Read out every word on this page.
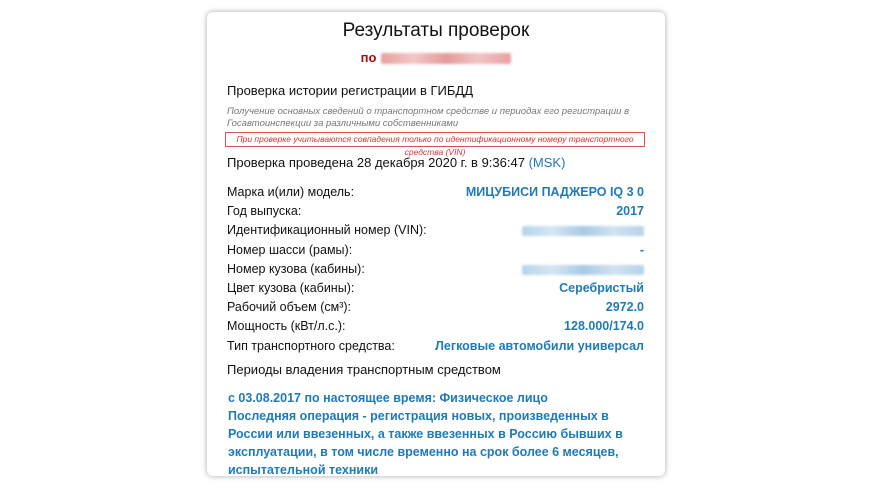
Результаты проверок
по
Проверка истории регистрации в ГИБДД
Получение основных сведений о транспортном средстве и периодах его регистрации в Госавтоинспекции за различными собственниками
При проверке учитываются совпадения только по идентификационному номеру транспортного средства (VIN)
Проверка проведена 28 декабря 2020 г. в 9:36:47 (MSK)
Марка и(или) модель:	МИЦУБИСИ ПАДЖЕРО IQ 3 0
Год выпуска:	2017
Идентификационный номер (VIN):
Номер шасси (рамы):	-
Номер кузова (кабины):
Цвет кузова (кабины):	Серебристый
Рабочий объем (см³):	2972.0
Мощность (кВт/л.с.):	128.000/174.0
Тип транспортного средства:	Легковые автомобили универсал
Периоды владения транспортным средством
с 03.08.2017 по настоящее время: Физическое лицо
Последняя операция - регистрация новых, произведенных в России или ввезенных, а также ввезенных в Россию бывших в эксплуатации, в том числе временно на срок более 6 месяцев, испытательной техники
